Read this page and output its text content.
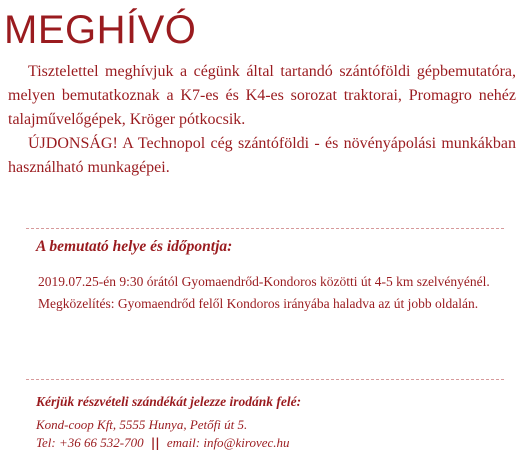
MEGHÍVÓ

Tisztelettel meghívjuk a cégünk által tartandó szántóföldi gépbemutatóra, melyen bemutatkoznak a K7-es és K4-es sorozat traktorai, Promagro nehéz talajművelőgépek, Kröger pótkocsik.

ÚJDONSÁG! A Technopol cég szántóföldi - és növényápolási munkákban használható munkagépei.

A bemutató helye és időpontja:

2019.07.25-én 9:30 órától Gyomaendrőd-Kondoros közötti út 4-5 km szelvényénél.

Megközelítés: Gyomaendrőd felől Kondoros irányába haladva az út jobb oldalán.

Kérjük részvételi szándékát jelezze irodánk felé:
Kond-coop Kft, 5555 Hunya, Petőfi út 5.
Tel: +36 66 532-700 || email: info@kirovec.hu
